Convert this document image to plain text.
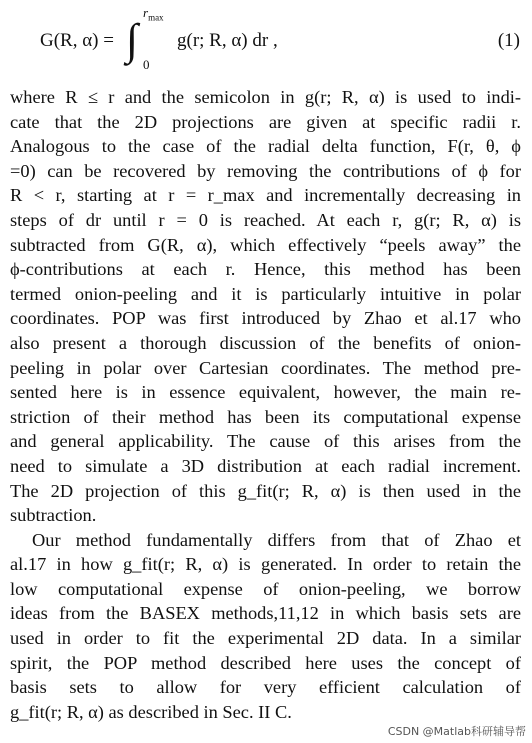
G(R, α) = ∫
$r_{max}$
0
g(r; R, α) dr ,	(1)
where R ≤ r and the semicolon in g(r; R, α) is used to indi-
cate that the 2D projections are given at specific radii r.
Analogous to the case of the radial delta function, F(r, θ, ϕ
=0) can be recovered by removing the contributions of ϕ for
R < r, starting at r = r_max and incrementally decreasing in
steps of dr until r = 0 is reached. At each r, g(r; R, α) is
subtracted from G(R, α), which effectively “peels away” the
ϕ-contributions at each r. Hence, this method has been
termed onion-peeling and it is particularly intuitive in polar
coordinates. POP was first introduced by Zhao et al.17 who
also present a thorough discussion of the benefits of onion-
peeling in polar over Cartesian coordinates. The method pre-
sented here is in essence equivalent, however, the main re-
striction of their method has been its computational expense
and general applicability. The cause of this arises from the
need to simulate a 3D distribution at each radial increment.
The 2D projection of this g_fit(r; R, α) is then used in the
subtraction.
Our method fundamentally differs from that of Zhao et
al.17 in how g_fit(r; R, α) is generated. In order to retain the
low computational expense of onion-peeling, we borrow
ideas from the BASEX methods,11,12 in which basis sets are
used in order to fit the experimental 2D data. In a similar
spirit, the POP method described here uses the concept of
basis sets to allow for very efficient calculation of
g_fit(r; R, α) as described in Sec. II C.
CSDN @Matlab科研辅导帮
